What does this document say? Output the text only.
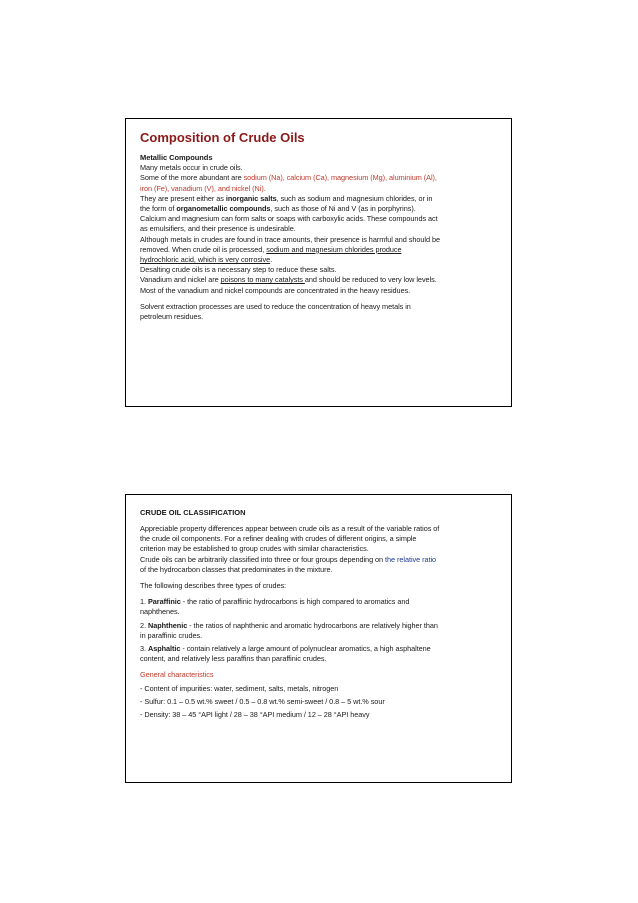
Composition of Crude Oils
Metallic Compounds
Many metals occur in crude oils.
Some of the more abundant are sodium (Na), calcium (Ca), magnesium (Mg), aluminium (Al),
iron (Fe), vanadium (V), and nickel (Ni).
They are present either as inorganic salts, such as sodium and magnesium chlorides, or in
the form of organometallic compounds, such as those of Ni and V (as in porphyrins).
Calcium and magnesium can form salts or soaps with carboxylic acids. These compounds act
as emulsifiers, and their presence is undesirable.
Although metals in crudes are found in trace amounts, their presence is harmful and should be
removed. When crude oil is processed, sodium and magnesium chlorides produce
hydrochloric acid, which is very corrosive.
Desalting crude oils is a necessary step to reduce these salts.
Vanadium and nickel are poisons to many catalysts and should be reduced to very low levels.
Most of the vanadium and nickel compounds are concentrated in the heavy residues.
Solvent extraction processes are used to reduce the concentration of heavy metals in
petroleum residues.
CRUDE OIL CLASSIFICATION
Appreciable property differences appear between crude oils as a result of the variable ratios of
the crude oil components. For a refiner dealing with crudes of different origins, a simple
criterion may be established to group crudes with similar characteristics.
Crude oils can be arbitrarily classified into three or four groups depending on the relative ratio
of the hydrocarbon classes that predominates in the mixture.
The following describes three types of crudes:
1. Paraffinic - the ratio of paraffinic hydrocarbons is high compared to aromatics and
naphthenes.
2. Naphthenic - the ratios of naphthenic and aromatic hydrocarbons are relatively higher than
in paraffinic crudes.
3. Asphaltic - contain relatively a large amount of polynuclear aromatics, a high asphaltene
content, and relatively less paraffins than paraffinic crudes.
General characteristics
- Content of impurities: water, sediment, salts, metals, nitrogen
- Sulfur: 0.1 – 0.5 wt.% sweet / 0.5 – 0.8 wt.% semi-sweet / 0.8 – 5 wt.% sour
- Density: 38 – 45 °API light / 28 – 38 °API medium / 12 – 28 °API heavy
